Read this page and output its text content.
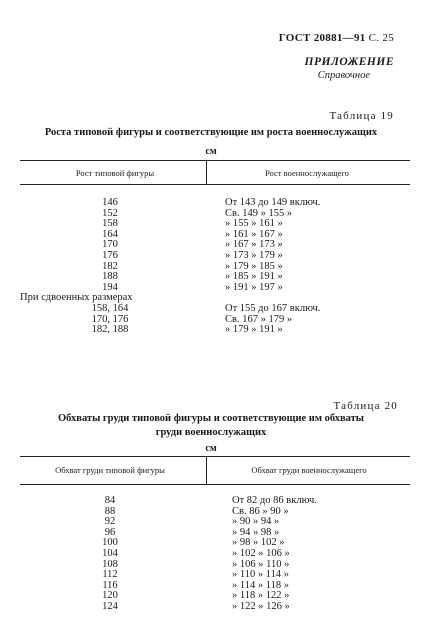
ГОСТ 20881—91 С. 25
ПРИЛОЖЕНИЕ
Справочное
Таблица 19
Роста типовой фигуры и соответствующие им роста военнослужащих
см
Рост типовой фигуры	Рост военнослужащего
146
152
158
164
170
176
182
188
194
При сдвоенных размерах
158, 164
170, 176
182, 188
От 143 до 149 включ.
Св. 149 » 155 »
» 155 » 161 »
» 161 » 167 »
» 167 » 173 »
» 173 » 179 »
» 179 » 185 »
» 185 » 191 »
» 191 » 197 »

От 155 до 167 включ.
Св. 167 » 179 »
» 179 » 191 »
Таблица 20
Обхваты груди типовой фигуры и соответствующие им обхваты
груди военнослужащих
см
Обхват груди типовой фигуры	Обхват груди военнослужащего
84
88
92
96
100
104
108
112
116
120
124
От 82 до 86 включ.
Св. 86 » 90 »
» 90 » 94 »
» 94 » 98 »
» 98 » 102 »
» 102 » 106 »
» 106 » 110 »
» 110 » 114 »
» 114 » 118 »
» 118 » 122 »
» 122 » 126 »
